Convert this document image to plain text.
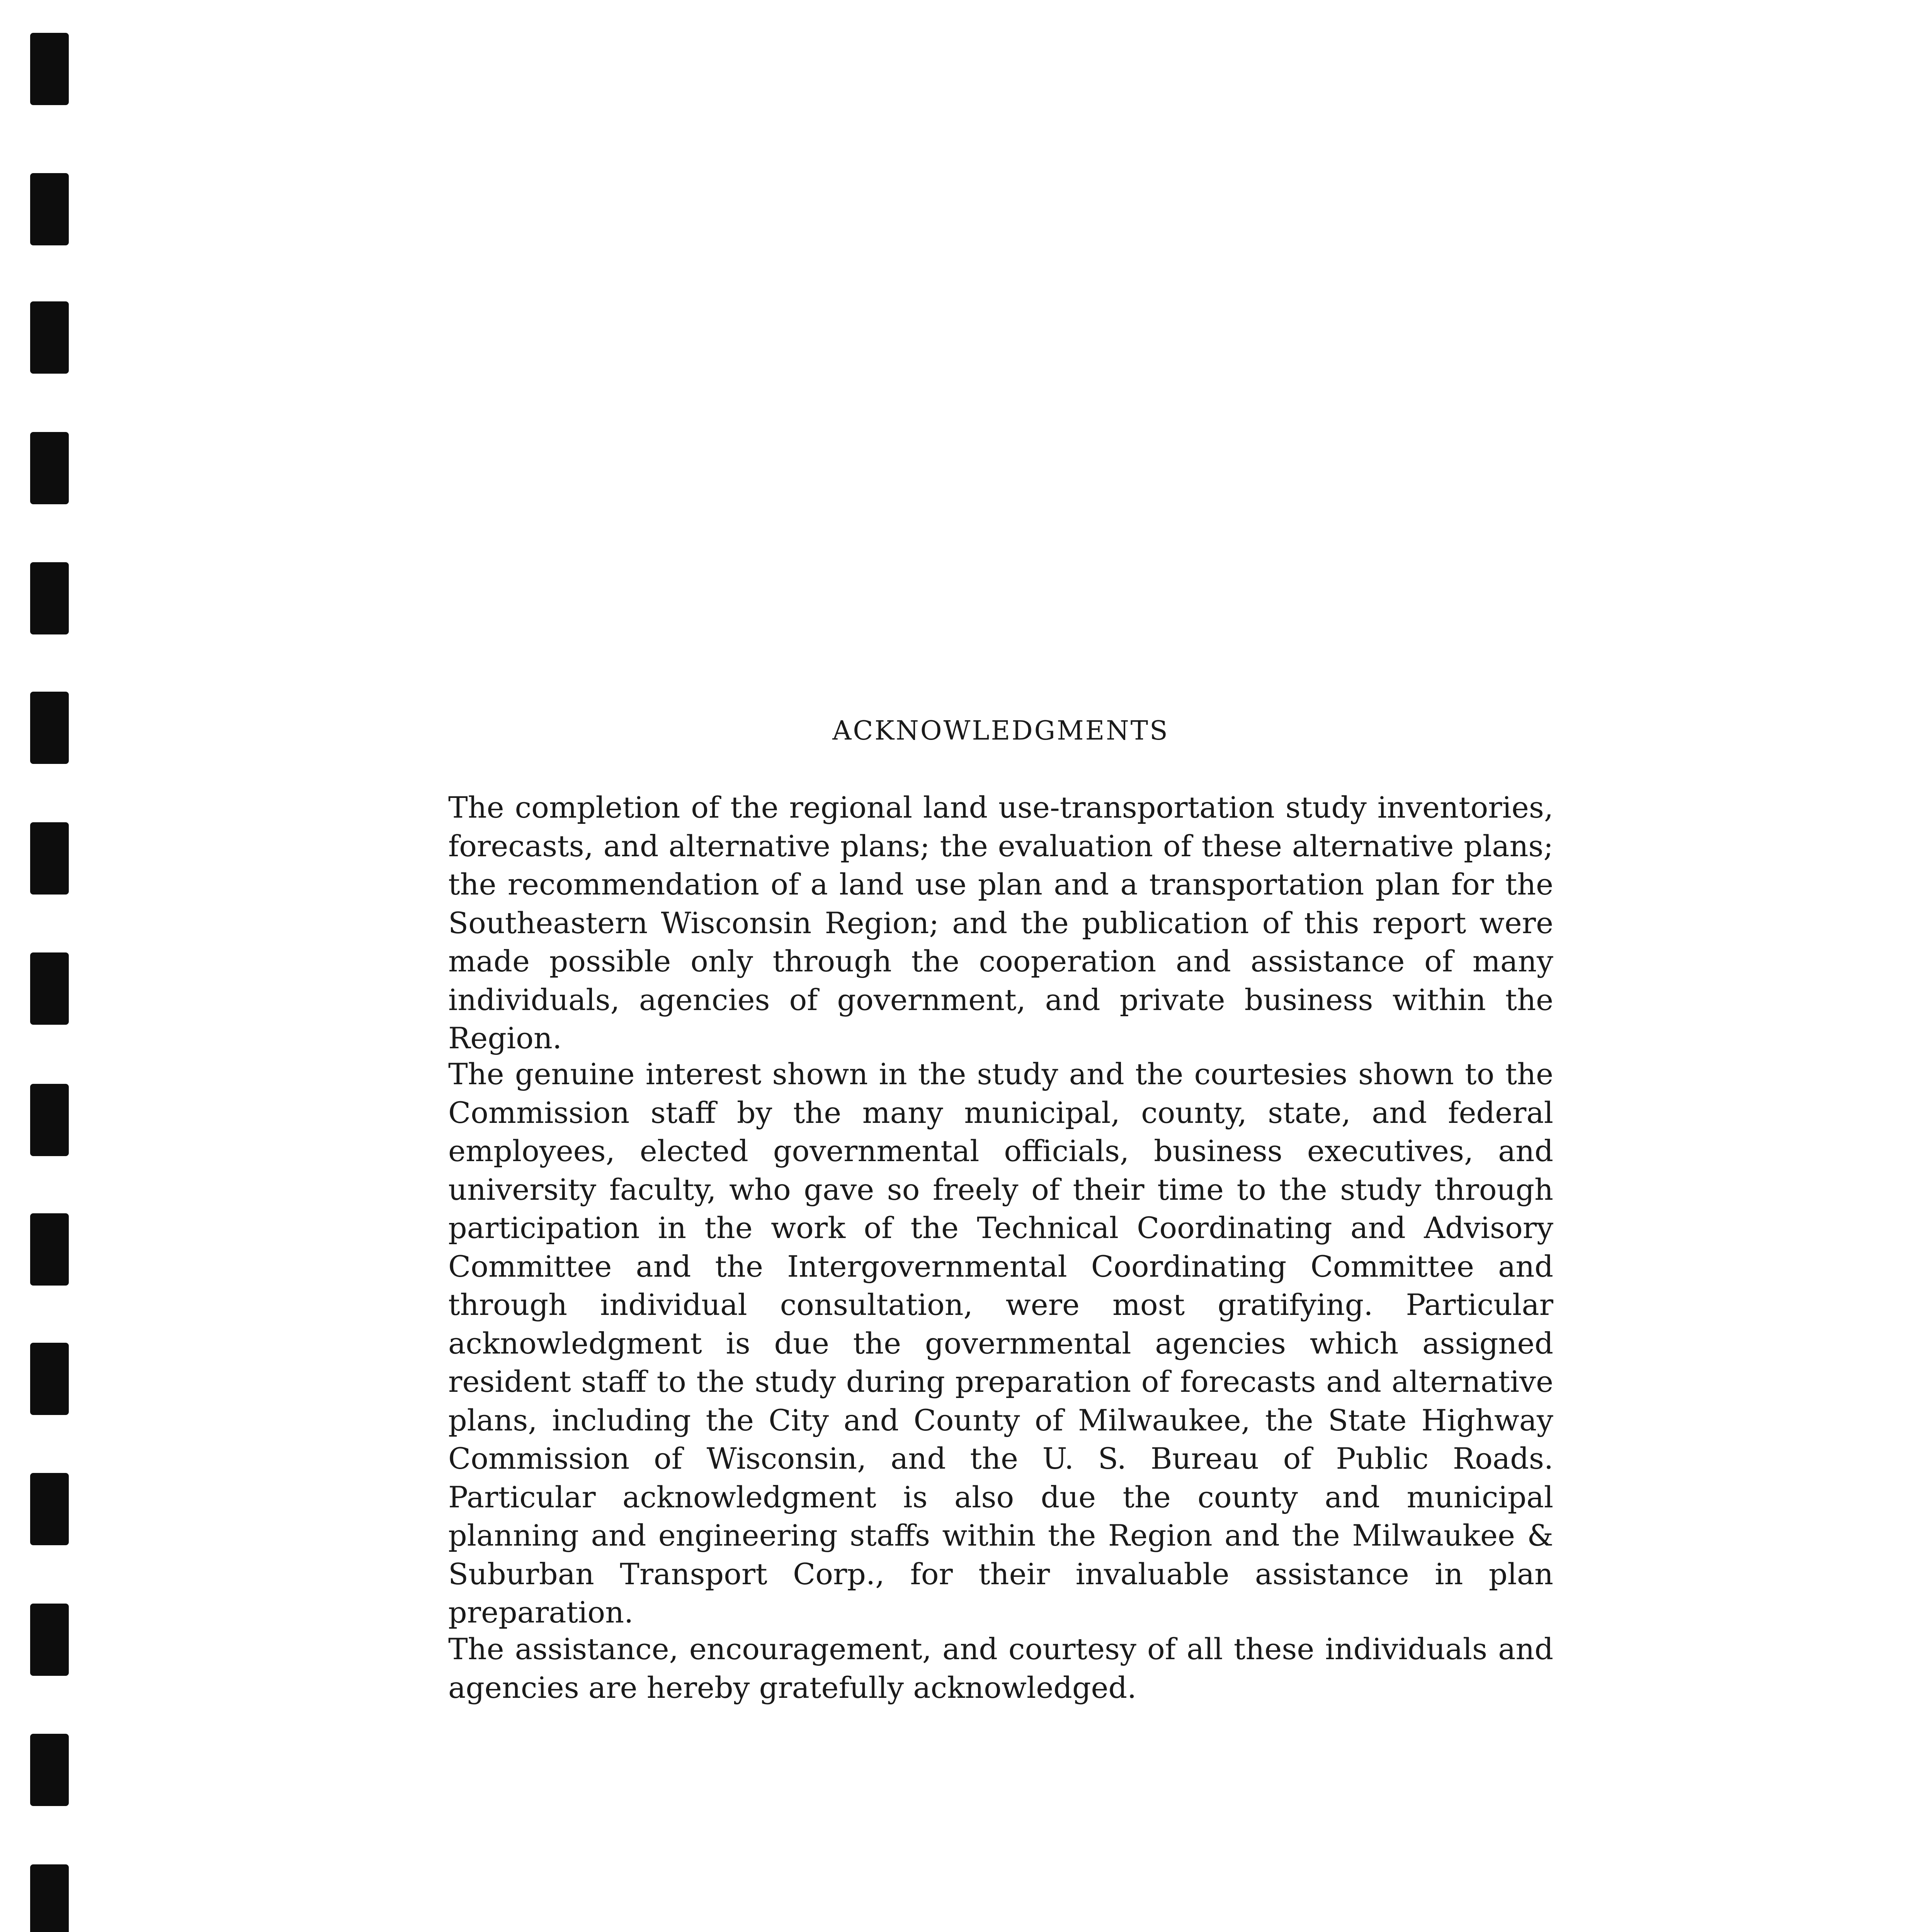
ACKNOWLEDGMENTS

The completion of the regional land use-transportation study inventories, forecasts, and alternative plans; the evaluation of these alternative plans; the recommendation of a land use plan and a transportation plan for the Southeastern Wisconsin Region; and the publication of this report were made possible only through the cooperation and assistance of many individuals, agencies of government, and private business within the Region.

The genuine interest shown in the study and the courtesies shown to the Commission staff by the many municipal, county, state, and federal employees, elected governmental officials, business executives, and university faculty, who gave so freely of their time to the study through participation in the work of the Technical Coordinating and Advisory Committee and the Intergovernmental Coordinating Committee and through individual consultation, were most gratifying. Particular acknowledgment is due the governmental agencies which assigned resident staff to the study during preparation of forecasts and alternative plans, including the City and County of Milwaukee, the State Highway Commission of Wisconsin, and the U. S. Bureau of Public Roads. Particular acknowledgment is also due the county and municipal planning and engineering staffs within the Region and the Milwaukee & Suburban Transport Corp., for their invaluable assistance in plan preparation.

The assistance, encouragement, and courtesy of all these individuals and agencies are hereby gratefully acknowledged.
